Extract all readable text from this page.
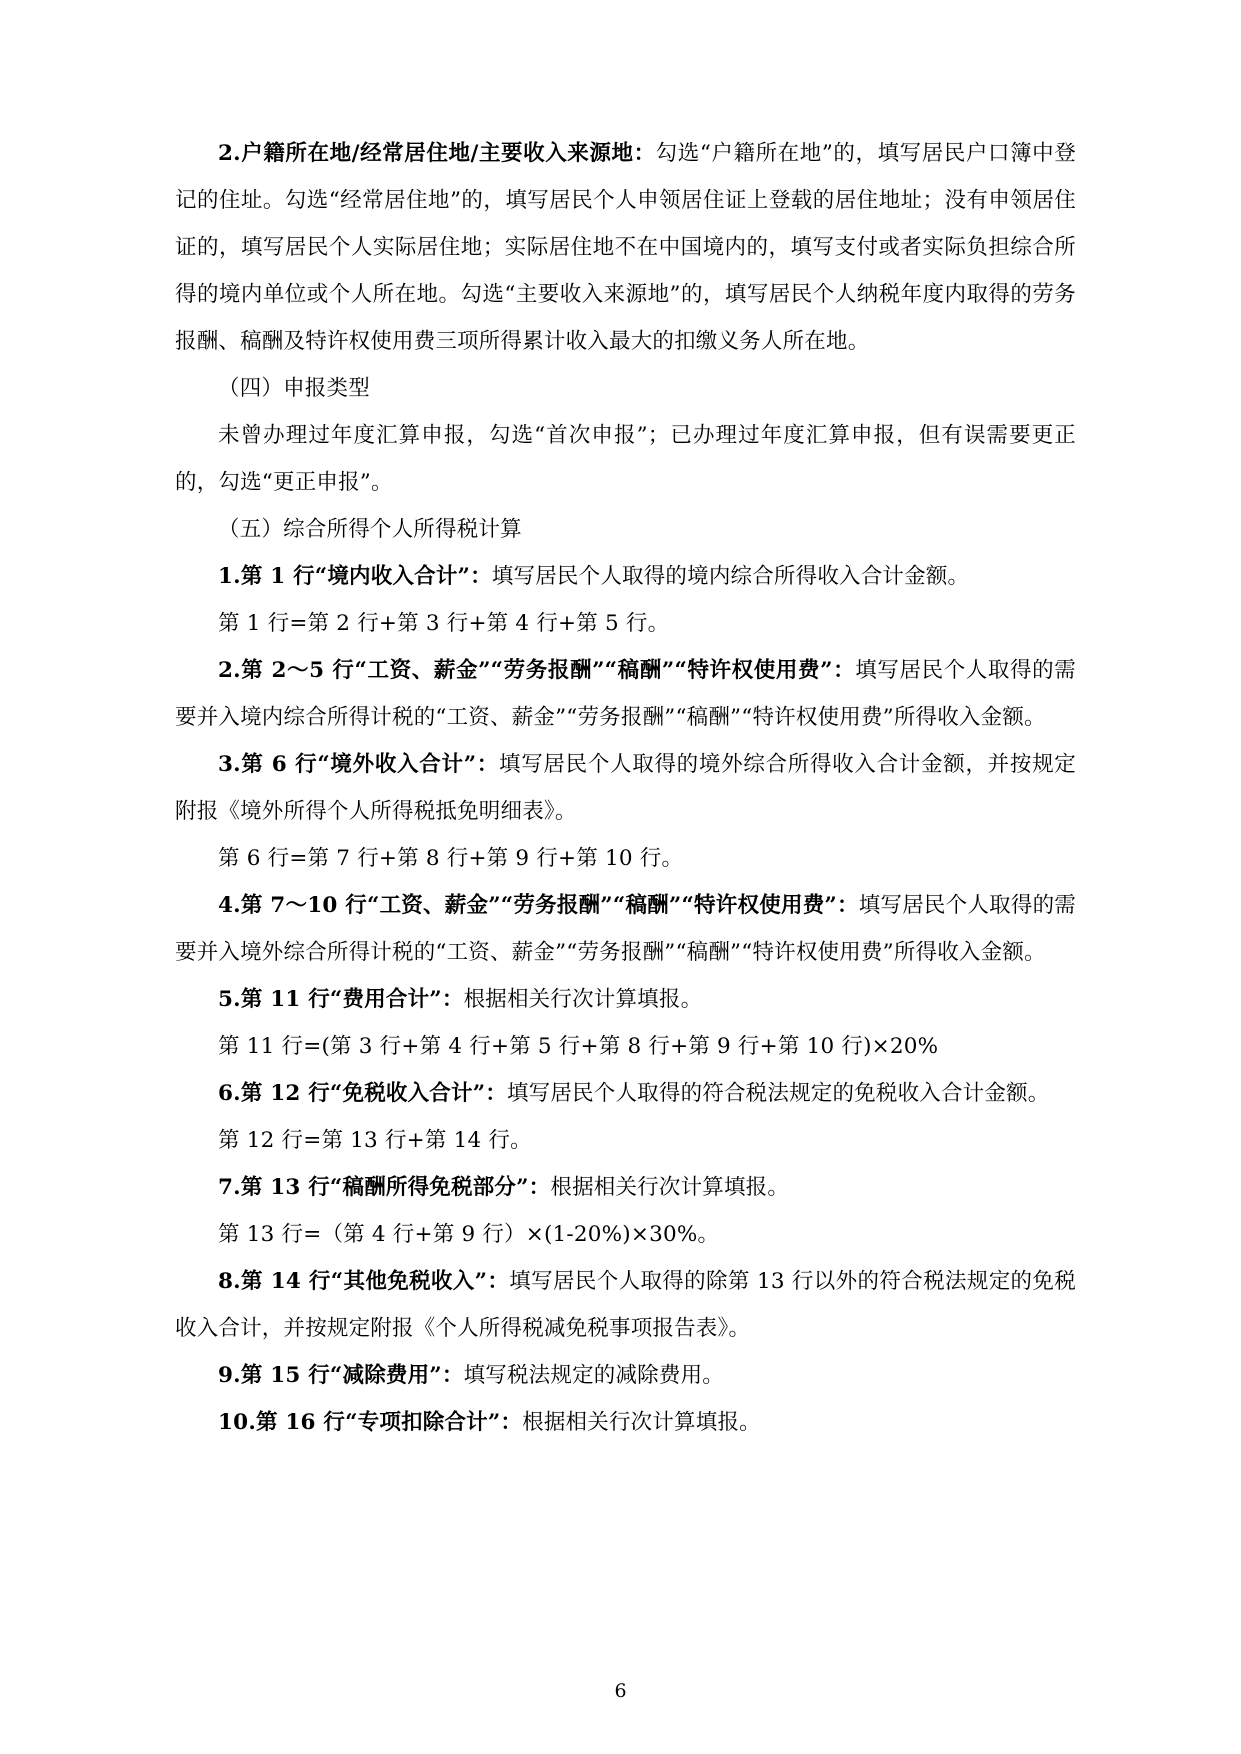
2.户籍所在地/经常居住地/主要收入来源地：勾选“户籍所在地”的，填写居民户口簿中登记的住址。勾选“经常居住地”的，填写居民个人申领居住证上登载的居住地址；没有申领居住证的，填写居民个人实际居住地；实际居住地不在中国境内的，填写支付或者实际负担综合所得的境内单位或个人所在地。勾选“主要收入来源地”的，填写居民个人纳税年度内取得的劳务报酬、稿酬及特许权使用费三项所得累计收入最大的扣缴义务人所在地。

（四）申报类型

未曾办理过年度汇算申报，勾选“首次申报”；已办理过年度汇算申报，但有误需要更正的，勾选“更正申报”。

（五）综合所得个人所得税计算

1.第 1 行“境内收入合计”：填写居民个人取得的境内综合所得收入合计金额。

第 1 行=第 2 行+第 3 行+第 4 行+第 5 行。

2.第 2～5 行“工资、薪金”“劳务报酬”“稿酬”“特许权使用费”：填写居民个人取得的需要并入境内综合所得计税的“工资、薪金”“劳务报酬”“稿酬”“特许权使用费”所得收入金额。

3.第 6 行“境外收入合计”：填写居民个人取得的境外综合所得收入合计金额，并按规定附报《境外所得个人所得税抵免明细表》。

第 6 行=第 7 行+第 8 行+第 9 行+第 10 行。

4.第 7～10 行“工资、薪金”“劳务报酬”“稿酬”“特许权使用费”：填写居民个人取得的需要并入境外综合所得计税的“工资、薪金”“劳务报酬”“稿酬”“特许权使用费”所得收入金额。

5.第 11 行“费用合计”：根据相关行次计算填报。

第 11 行=(第 3 行+第 4 行+第 5 行+第 8 行+第 9 行+第 10 行)×20%

6.第 12 行“免税收入合计”：填写居民个人取得的符合税法规定的免税收入合计金额。

第 12 行=第 13 行+第 14 行。

7.第 13 行“稿酬所得免税部分”：根据相关行次计算填报。

第 13 行=（第 4 行+第 9 行）×(1-20%)×30%。

8.第 14 行“其他免税收入”：填写居民个人取得的除第 13 行以外的符合税法规定的免税收入合计，并按规定附报《个人所得税减免税事项报告表》。

9.第 15 行“减除费用”：填写税法规定的减除费用。

10.第 16 行“专项扣除合计”：根据相关行次计算填报。

6
